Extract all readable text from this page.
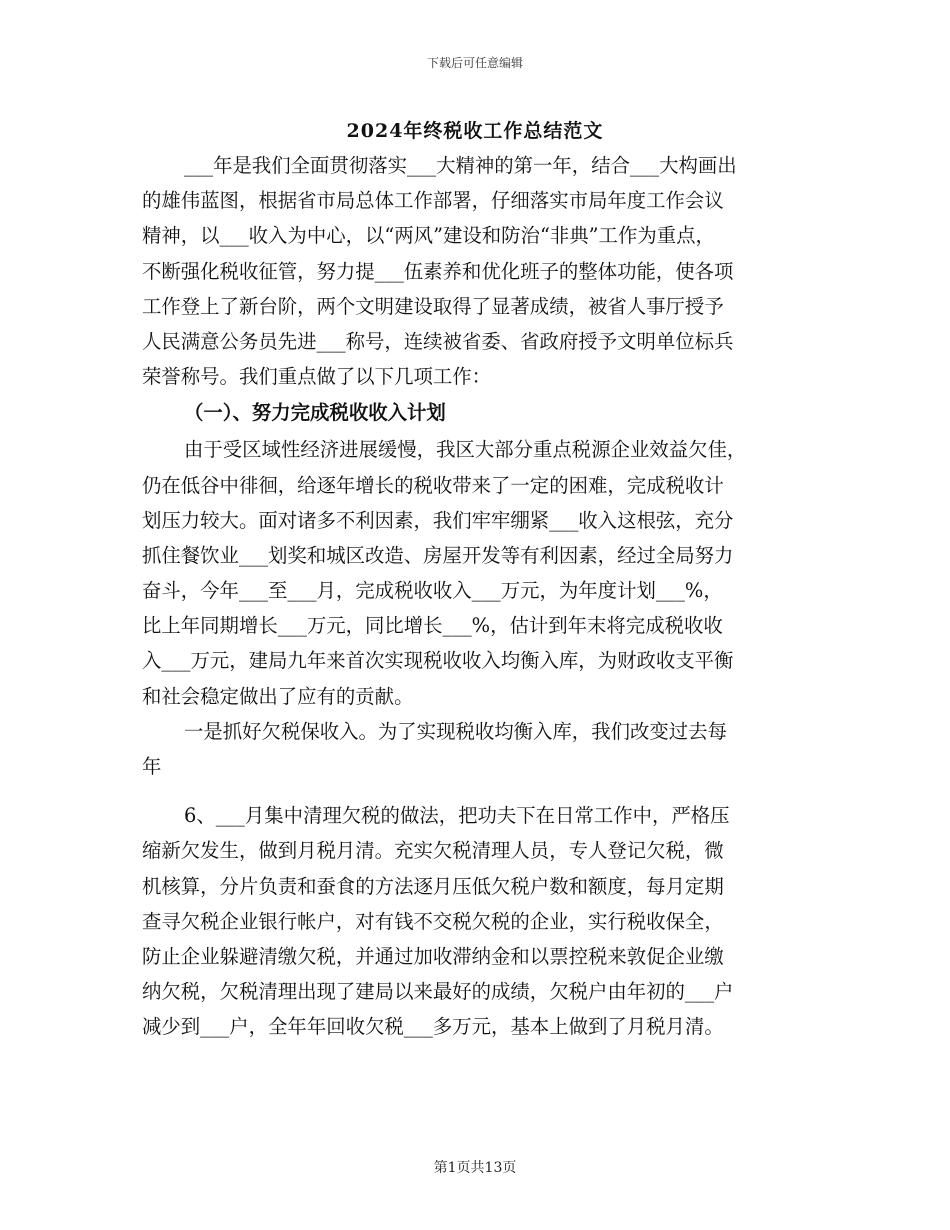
下载后可任意编辑
2024年终税收工作总结范文
___年是我们全面贯彻落实___大精神的第一年，结合___大构画出
的雄伟蓝图，根据省市局总体工作部署，仔细落实市局年度工作会议
精神，以___收入为中心，以“两风”建设和防治“非典”工作为重点，
不断强化税收征管，努力提___伍素养和优化班子的整体功能，使各项
工作登上了新台阶，两个文明建设取得了显著成绩，被省人事厅授予
人民满意公务员先进___称号，连续被省委、省政府授予文明单位标兵
荣誉称号。我们重点做了以下几项工作：
（一）、努力完成税收收入计划
由于受区域性经济进展缓慢，我区大部分重点税源企业效益欠佳，
仍在低谷中徘徊，给逐年增长的税收带来了一定的困难，完成税收计
划压力较大。面对诸多不利因素，我们牢牢绷紧___收入这根弦，充分
抓住餐饮业___划奖和城区改造、房屋开发等有利因素，经过全局努力
奋斗，今年___至___月，完成税收收入___万元，为年度计划___%，
比上年同期增长___万元，同比增长___%，估计到年末将完成税收收
入___万元，建局九年来首次实现税收收入均衡入库，为财政收支平衡
和社会稳定做出了应有的贡献。
一是抓好欠税保收入。为了实现税收均衡入库，我们改变过去每
年
6、___月集中清理欠税的做法，把功夫下在日常工作中，严格压
缩新欠发生，做到月税月清。充实欠税清理人员，专人登记欠税，微
机核算，分片负责和蚕食的方法逐月压低欠税户数和额度，每月定期
查寻欠税企业银行帐户，对有钱不交税欠税的企业，实行税收保全，
防止企业躲避清缴欠税，并通过加收滞纳金和以票控税来敦促企业缴
纳欠税，欠税清理出现了建局以来最好的成绩，欠税户由年初的___户
减少到___户，全年年回收欠税___多万元，基本上做到了月税月清。
第1页共13页
